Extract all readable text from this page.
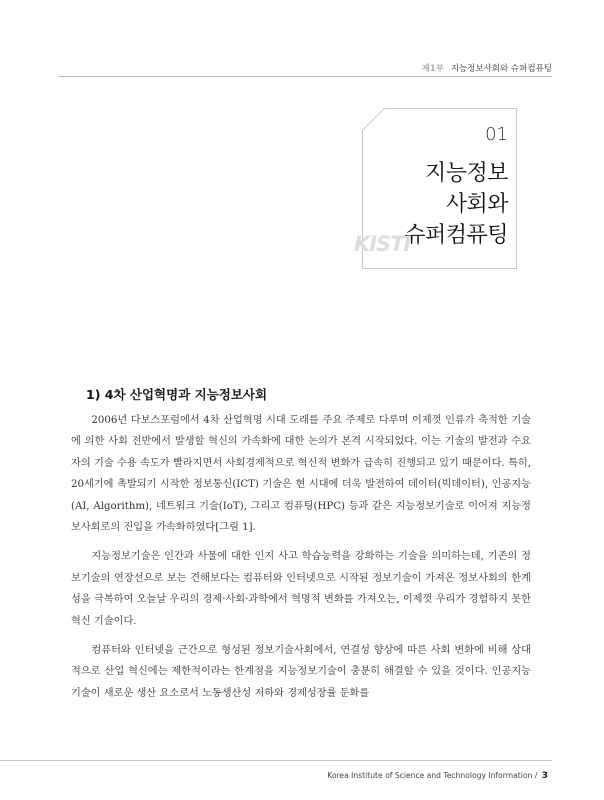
제1부 지능정보사회와 슈퍼컴퓨팅
01
지능정보
사회와
슈퍼컴퓨팅
KISTI
1) 4차 산업혁명과 지능정보사회

2006년 다보스포럼에서 4차 산업혁명 시대 도래를 주요 주제로 다루며 이제껏 인류가 축적한 기술에 의한 사회 전반에서 발생할 혁신의 가속화에 대한 논의가 본격 시작되었다. 이는 기술의 발전과 수요자의 기술 수용 속도가 빨라지면서 사회경제적으로 혁신적 변화가 급속히 진행되고 있기 때문이다. 특히, 20세기에 촉발되기 시작한 정보통신(ICT) 기술은 현 시대에 더욱 발전하여 데이터(빅데이터), 인공지능(AI, Algorithm), 네트워크 기술(IoT), 그리고 컴퓨팅(HPC) 등과 같은 지능정보기술로 이어져 지능정보사회로의 진입을 가속화하였다[그림 1].

지능정보기술은 인간과 사물에 대한 인지 사고 학습능력을 강화하는 기술을 의미하는데, 기존의 정보기술의 연장선으로 보는 견해보다는 컴퓨터와 인터넷으로 시작된 정보기술이 가져온 정보사회의 한계성을 극복하여 오늘날 우리의 경제·사회·과학에서 혁명적 변화를 가져오는, 이제껏 우리가 경험하지 못한 혁신 기술이다.

컴퓨터와 인터넷을 근간으로 형성된 정보기술사회에서, 연결성 향상에 따른 사회 변화에 비해 상대적으로 산업 혁신에는 제한적이라는 한계점을 지능정보기술이 충분히 해결할 수 있을 것이다. 인공지능기술이 새로운 생산 요소로서 노동생산성 저하와 경제성장률 둔화를

Korea Institute of Science and Technology Information / 3
